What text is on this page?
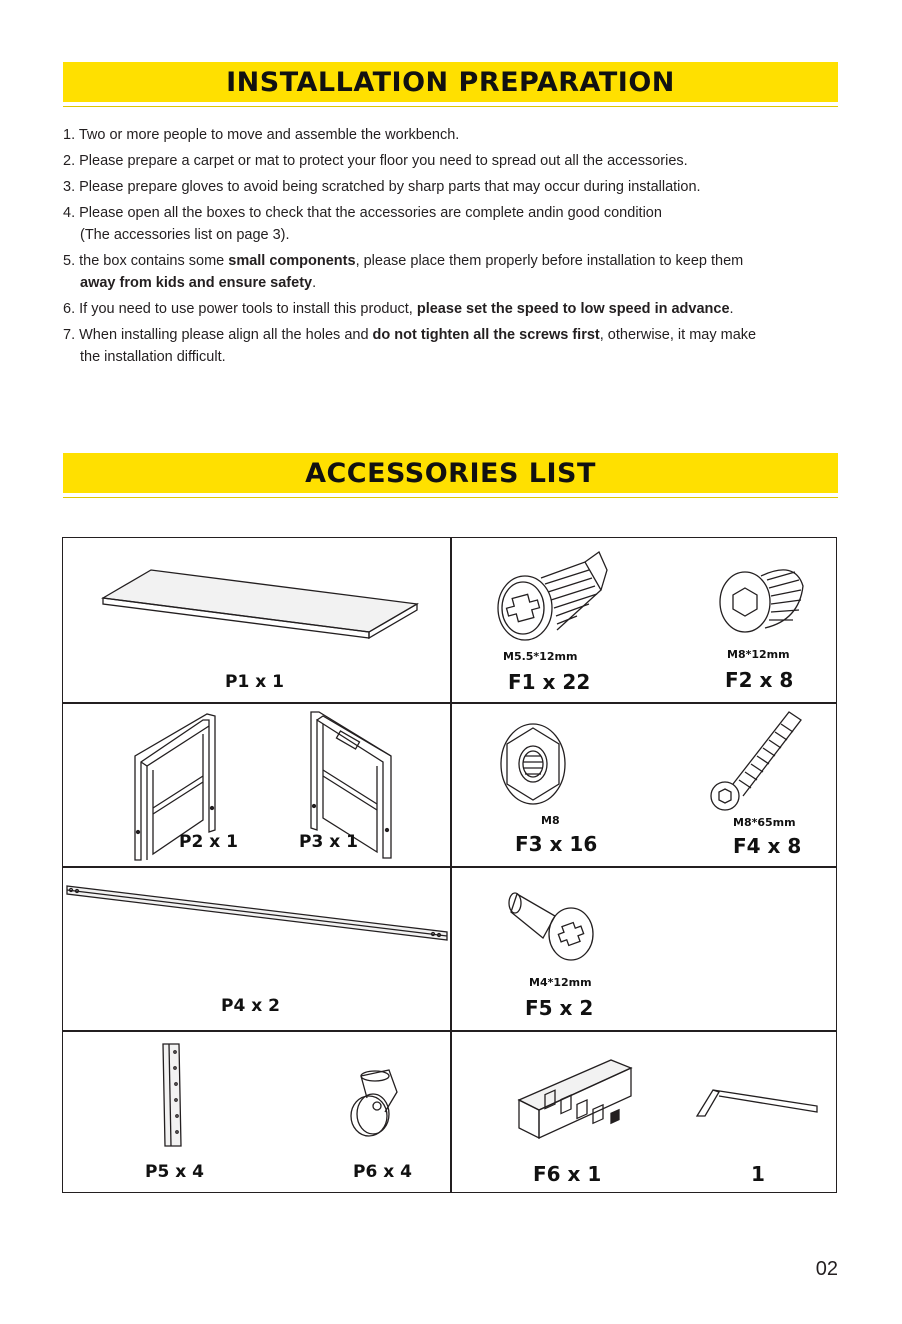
INSTALLATION PREPARATION
1. Two or more people to move and assemble the workbench.
2. Please prepare a carpet or mat to protect your floor you need to spread out all the accessories.
3. Please prepare gloves to avoid being scratched by sharp parts that may occur during installation.
4. Please open all the boxes to check that the accessories are complete andin good condition
(The accessories list on page 3).
5. the box contains some small components, please place them properly before installation to keep them
away from kids and ensure safety.
6. If you need to use power tools to install this product, please set the speed to low speed in advance.
7. When installing please align all the holes and do not tighten all the screws first, otherwise, it may make
the installation difficult.
ACCESSORIES LIST
P1 x 1
M5.5*12mm
F1 x 22
M8*12mm
F2 x 8
P2 x 1	P3 x 1
M8
F3 x 16
M8*65mm
F4 x 8
P4 x 2
M4*12mm
F5 x 2
P5 x 4	P6 x 4	F6 x 1	1
02
